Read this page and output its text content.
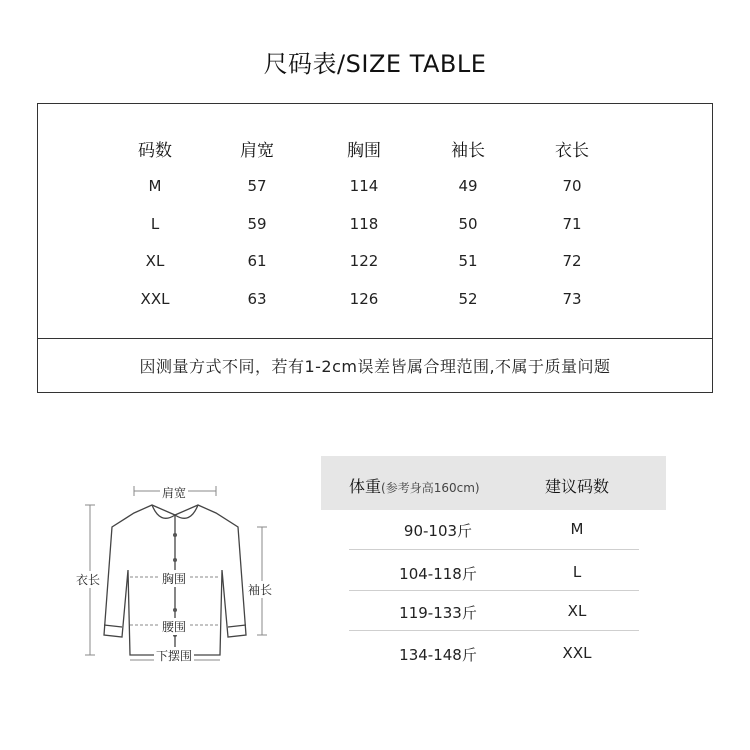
尺码表/SIZE TABLE
码数	肩宽	胸围	袖长	衣长
M	57	114	49	70
L	59	118	50	71
XL	61	122	51	72
XXL	63	126	52	73
因测量方式不同，若有1-2cm误差皆属合理范围,不属于质量问题
肩宽
胸围
腰围
下摆围
衣长
袖长
体重(参考身高160cm)	建议码数
90-103斤	M
104-118斤	L
119-133斤	XL
134-148斤	XXL
